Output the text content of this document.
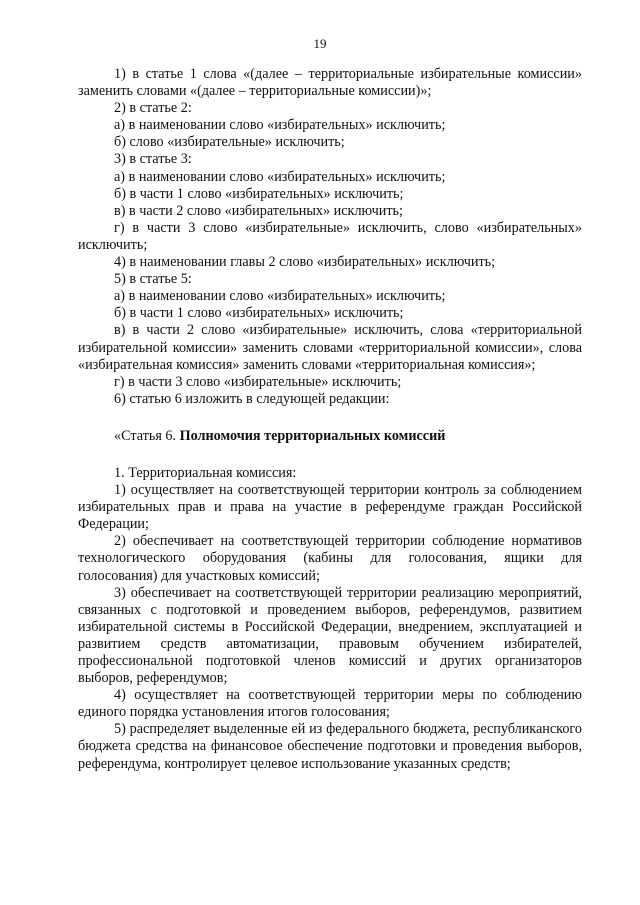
19

1) в статье 1 слова «(далее – территориальные избирательные комиссии» заменить словами «(далее – территориальные комиссии)»;

2) в статье 2:

а) в наименовании слово «избирательных» исключить;

б) слово «избирательные» исключить;

3) в статье 3:

а) в наименовании слово «избирательных» исключить;

б) в части 1 слово «избирательных» исключить;

в) в части 2 слово «избирательных» исключить;

г) в части 3 слово «избирательные» исключить, слово «избирательных» исключить;

4) в наименовании главы 2 слово «избирательных» исключить;

5) в статье 5:

а) в наименовании слово «избирательных» исключить;

б) в части 1 слово «избирательных» исключить;

в) в части 2 слово «избирательные» исключить, слова «территориальной избирательной комиссии» заменить словами «территориальной комиссии», слова «избирательная комиссия» заменить словами «территориальная комиссия»;

г) в части 3 слово «избирательные» исключить;

6) статью 6 изложить в следующей редакции:

«Статья 6. Полномочия территориальных комиссий

1. Территориальная комиссия:

1) осуществляет на соответствующей территории контроль за соблюдением избирательных прав и права на участие в референдуме граждан Российской Федерации;

2) обеспечивает на соответствующей территории соблюдение нормативов технологического оборудования (кабины для голосования, ящики для голосования) для участковых комиссий;

3) обеспечивает на соответствующей территории реализацию мероприятий, связанных с подготовкой и проведением выборов, референдумов, развитием избирательной системы в Российской Федерации, внедрением, эксплуатацией и развитием средств автоматизации, правовым обучением избирателей, профессиональной подготовкой членов комиссий и других организаторов выборов, референдумов;

4) осуществляет на соответствующей территории меры по соблюдению единого порядка установления итогов голосования;

5) распределяет выделенные ей из федерального бюджета, республиканского бюджета средства на финансовое обеспечение подготовки и проведения выборов, референдума, контролирует целевое использование указанных средств;
